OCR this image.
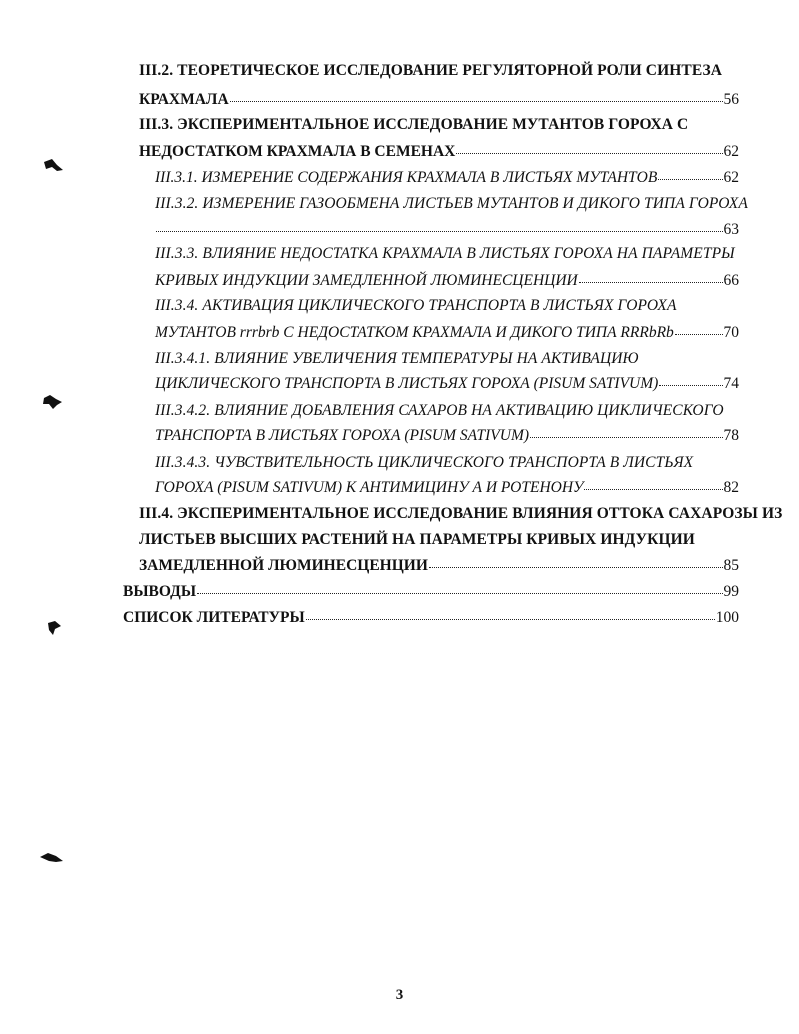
III.2. ТЕОРЕТИЧЕСКОЕ ИССЛЕДОВАНИЕ РЕГУЛЯТОРНОЙ РОЛИ СИНТЕЗА
КРАХМАЛА	56
III.3. ЭКСПЕРИМЕНТАЛЬНОЕ ИССЛЕДОВАНИЕ МУТАНТОВ ГОРОХА С
НЕДОСТАТКОМ КРАХМАЛА В СЕМЕНАХ	62
III.3.1. ИЗМЕРЕНИЕ СОДЕРЖАНИЯ КРАХМАЛА В ЛИСТЬЯХ МУТАНТОВ	62
III.3.2. ИЗМЕРЕНИЕ ГАЗООБМЕНА ЛИСТЬЕВ МУТАНТОВ И ДИКОГО ТИПА ГОРОХА
63
III.3.3. ВЛИЯНИЕ НЕДОСТАТКА КРАХМАЛА В ЛИСТЬЯХ ГОРОХА НА ПАРАМЕТРЫ
КРИВЫХ ИНДУКЦИИ ЗАМЕДЛЕННОЙ ЛЮМИНЕСЦЕНЦИИ	66
III.3.4. АКТИВАЦИЯ ЦИКЛИЧЕСКОГО ТРАНСПОРТА В ЛИСТЬЯХ ГОРОХА
МУТАНТОВ rrrbrb С НЕДОСТАТКОМ КРАХМАЛА И ДИКОГО ТИПА RRRbRb	70
III.3.4.1. ВЛИЯНИЕ УВЕЛИЧЕНИЯ ТЕМПЕРАТУРЫ НА АКТИВАЦИЮ
ЦИКЛИЧЕСКОГО ТРАНСПОРТА В ЛИСТЬЯХ ГОРОХА (PISUM SATIVUM)	74
III.3.4.2. ВЛИЯНИЕ ДОБАВЛЕНИЯ САХАРОВ НА АКТИВАЦИЮ ЦИКЛИЧЕСКОГО
ТРАНСПОРТА В ЛИСТЬЯХ ГОРОХА (PISUM SATIVUM)	78
III.3.4.3. ЧУВСТВИТЕЛЬНОСТЬ ЦИКЛИЧЕСКОГО ТРАНСПОРТА В ЛИСТЬЯХ
ГОРОХА (PISUM SATIVUM) К АНТИМИЦИНУ А И РОТЕНОНУ	82
III.4. ЭКСПЕРИМЕНТАЛЬНОЕ ИССЛЕДОВАНИЕ ВЛИЯНИЯ ОТТОКА САХАРОЗЫ ИЗ
ЛИСТЬЕВ ВЫСШИХ РАСТЕНИЙ НА ПАРАМЕТРЫ КРИВЫХ ИНДУКЦИИ
ЗАМЕДЛЕННОЙ ЛЮМИНЕСЦЕНЦИИ	85
ВЫВОДЫ	99
СПИСОК ЛИТЕРАТУРЫ	100
3
